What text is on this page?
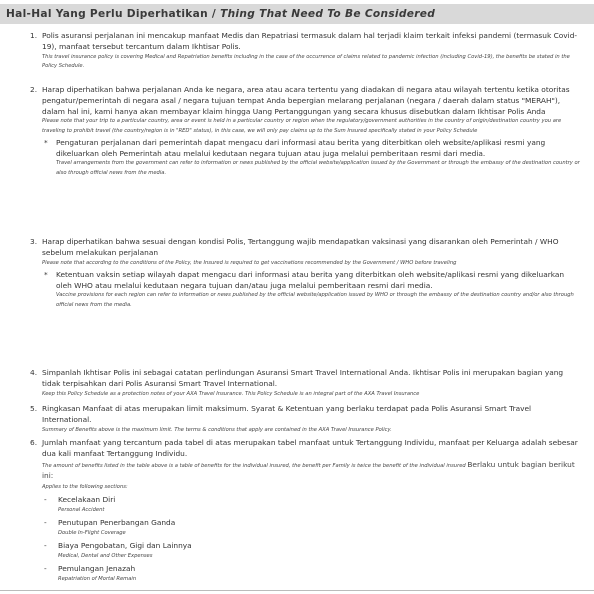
Hal-Hal Yang Perlu Diperhatikan / Thing That Need To Be Considered
1. Polis asuransi perjalanan ini mencakup manfaat Medis dan Repatriasi termasuk dalam hal terjadi klaim terkait infeksi pandemi (termasuk Covid-19), manfaat tersebut tercantum dalam Ikhtisar Polis.

This travel insurance policy is covering Medical and Repatriation benefits including in the case of the occurrence of claims related to pandemic infection (including Covid-19), the benefits be stated in the Policy Schedule.

2. Harap diperhatikan bahwa perjalanan Anda ke negara, area atau acara tertentu yang diadakan di negara atau wilayah tertentu ketika otoritas pengatur/pemerintah di negara asal / negara tujuan tempat Anda bepergian melarang perjalanan (negara / daerah dalam status "MERAH"), dalam hal ini, kami hanya akan membayar klaim hingga Uang Pertanggungan yang secara khusus disebutkan dalam Ikhtisar Polis Anda

Please note that your trip to a particular country, area or event is held in a particular country or region when the regulatory/government authorities in the country of origin/destination country you are traveling to prohibit travel (the country/region is in "RED" status), in this case, we will only pay claims up to the Sum Insured specifically stated in your Policy Schedule

* Pengaturan perjalanan dari pemerintah dapat mengacu dari informasi atau berita yang diterbitkan oleh website/aplikasi resmi yang dikeluarkan oleh Pemerintah atau melalui kedutaan negara tujuan atau juga melalui pemberitaan resmi dari media.

Travel arrangements from the government can refer to information or news published by the official website/application issued by the Government or through the embassy of the destination country or also through official news from the media.

3. Harap diperhatikan bahwa sesuai dengan kondisi Polis, Tertanggung wajib mendapatkan vaksinasi yang disarankan oleh Pemerintah / WHO sebelum melakukan perjalanan

Please note that according to the conditions of the Policy, the Insured is required to get vaccinations recommended by the Government / WHO before traveling

* Ketentuan vaksin setiap wilayah dapat mengacu dari informasi atau berita yang diterbitkan oleh website/aplikasi resmi yang dikeluarkan oleh WHO atau melalui kedutaan negara tujuan dan/atau juga melalui pemberitaan resmi dari media.

Vaccine provisions for each region can refer to information or news published by the official website/application issued by WHO or through the embassy of the destination country and/or also through official news from the media.

4. Simpanlah Ikhtisar Polis ini sebagai catatan perlindungan Asuransi Smart Travel International Anda. Ikhtisar Polis ini merupakan bagian yang tidak terpisahkan dari Polis Asuransi Smart Travel International.

Keep this Policy Schedule as a protection notes of your AXA Travel Insurance. This Policy Schedule is an integral part of the AXA Travel Insurance

5. Ringkasan Manfaat di atas merupakan limit maksimum. Syarat & Ketentuan yang berlaku terdapat pada Polis Asuransi Smart Travel International.

Summary of Benefits above is the maximum limit. The terms & conditions that apply are contained in the AXA Travel Insurance Policy.

6. Jumlah manfaat yang tercantum pada tabel di atas merupakan tabel manfaat untuk Tertanggung Individu, manfaat per Keluarga adalah sebesar dua kali manfaat Tertanggung Individu.

The amount of benefits listed in the table above is a table of benefits for the individual insured, the benefit per Family is twice the benefit of the individual insured Berlaku untuk bagian berikut ini:

Applies to the following sections:

- Kecelakaan Diri

Personal Accident

- Penutupan Penerbangan Ganda

Double In-Flight Coverage

- Biaya Pengobatan, Gigi dan Lainnya

Medical, Dental and Other Expenses

- Pemulangan Jenazah

Repatriation of Mortal Remain
